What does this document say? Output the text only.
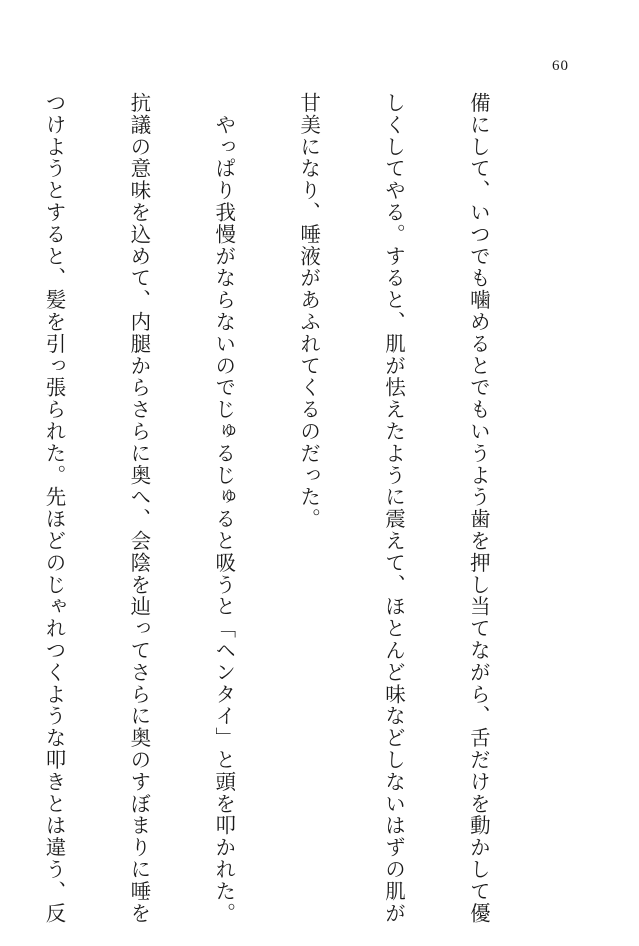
60

備にして、いつでも噛めるとでもいうよう歯を押し当てながら、舌だけを動かして優

しくしてやる。すると、肌が怯えたように震えて、ほとんど味などしないはずの肌が

甘美になり、唾液があふれてくるのだった。

　やっぱり我慢がならないのでじゅるじゅると吸うと「ヘンタイ」と頭を叩かれた。

抗議の意味を込めて、内腿からさらに奥へ、会陰を辿ってさらに奥のすぼまりに唾を

つけようとすると、髪を引っ張られた。先ほどのじゃれつくような叩きとは違う、反
